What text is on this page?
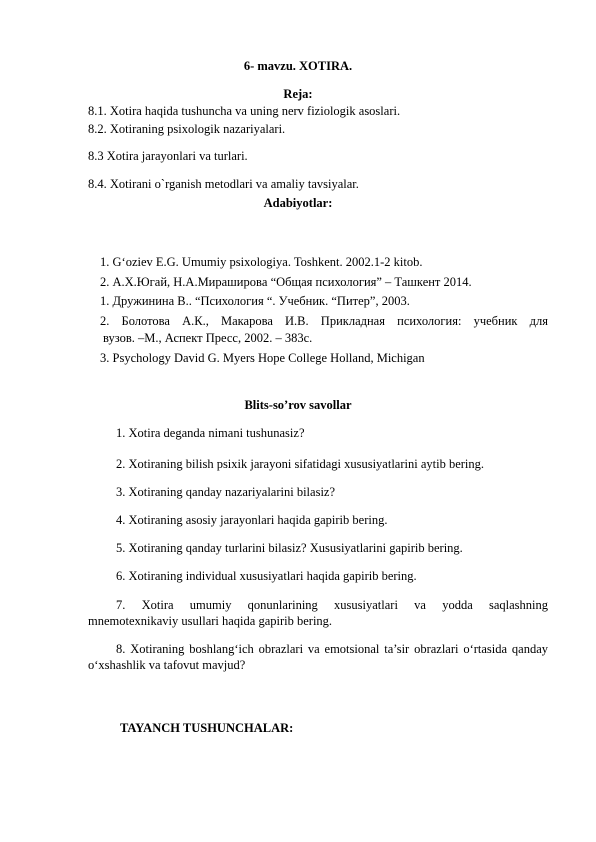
6- mavzu. XOTIRA.
Reja:
8.1. Xotira haqida tushuncha va uning nerv fiziologik asoslari.
8.2. Xotiraning psixologik nazariyalari.
8.3 Xotira jarayonlari va turlari.
8.4. Xotirani o`rganish metodlari va amaliy tavsiyalar.
Adabiyotlar:
1. G‘oziev E.G. Umumiy psixologiya. Toshkent. 2002.1-2 kitob.
2. А.Х.Югай, Н.А.Мирашировa “Общая психология” – Ташкент 2014.
1. Дружинина В.. “Психология “. Учебник. “Питер”, 2003.
2. Болотова А.К., Макарова И.В. Прикладная психология: учебник для
вузов. –М., Аспект Пресс, 2002. – 383с.
3. Psychology David G. Myers Hope College Holland, Michigan
Blits-so’rov savollar
1. Xotira deganda nimani tushunasiz?
2. Xotiraning bilish psixik jarayoni sifatidagi xususiyatlarini aytib bering.
3. Xotiraning qanday nazariyalarini bilasiz?
4. Xotiraning asosiy jarayonlari haqida gapirib bering.
5. Xotiraning qanday turlarini bilasiz? Xususiyatlarini gapirib bering.
6. Xotiraning individual xususiyatlari haqida gapirib bering.
7. Xotira umumiy qonunlarining xususiyatlari va yodda saqlashning mnemotexnikaviy usullari haqida gapirib bering.
8. Xotiraning boshlang‘ich obrazlari va emotsional ta’sir obrazlari o‘rtasida qanday o‘xshashlik va tafovut mavjud?
TAYANCH TUSHUNCHALAR:
